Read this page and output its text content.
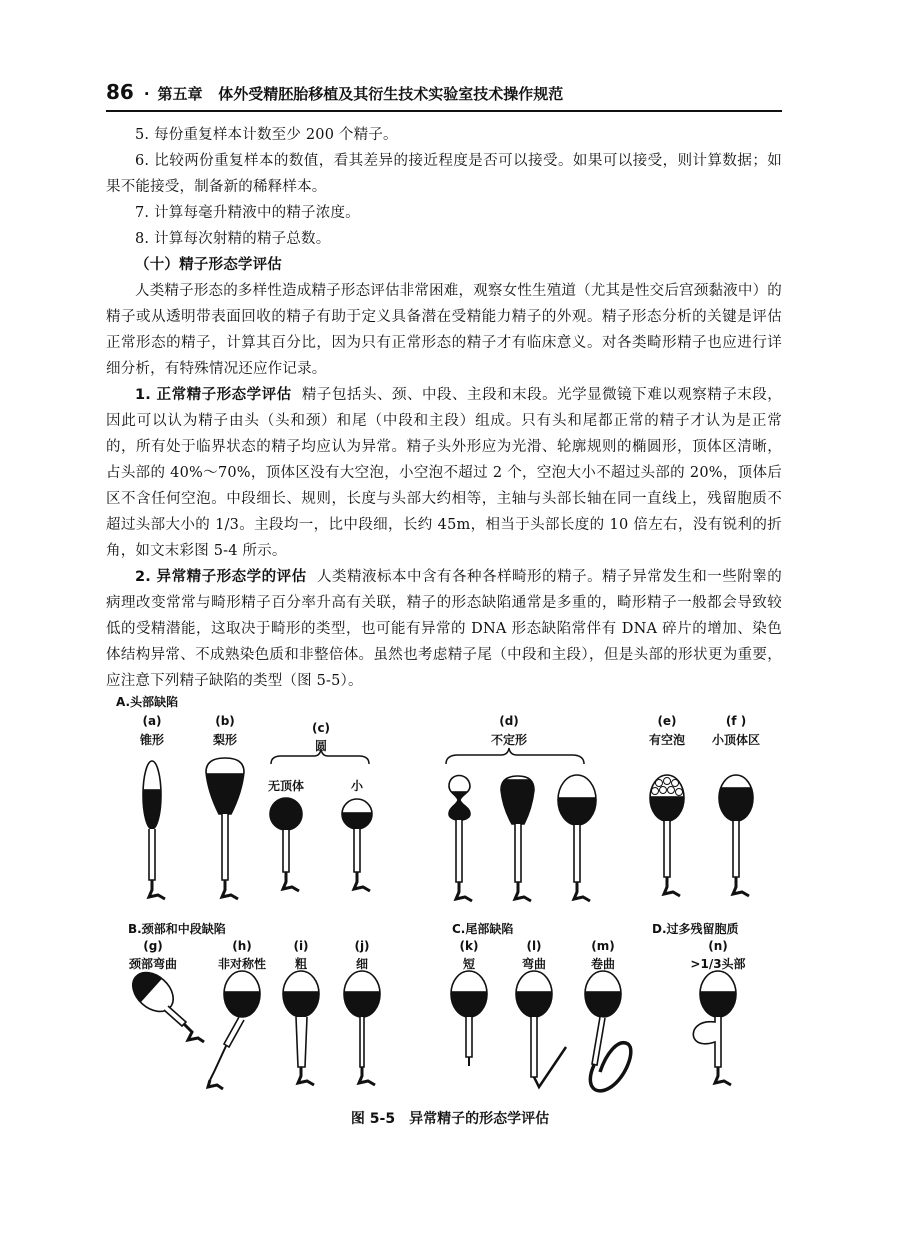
86 · 第五章 体外受精胚胎移植及其衍生技术实验室技术操作规范

5. 每份重复样本计数至少 200 个精子。

6. 比较两份重复样本的数值，看其差异的接近程度是否可以接受。如果可以接受，则计算数据；如果不能接受，制备新的稀释样本。

7. 计算每毫升精液中的精子浓度。

8. 计算每次射精的精子总数。

（十）精子形态学评估

人类精子形态的多样性造成精子形态评估非常困难，观察女性生殖道（尤其是性交后宫颈黏液中）的精子或从透明带表面回收的精子有助于定义具备潜在受精能力精子的外观。精子形态分析的关键是评估正常形态的精子，计算其百分比，因为只有正常形态的精子才有临床意义。对各类畸形精子也应进行详细分析，有特殊情况还应作记录。

1. 正常精子形态学评估 精子包括头、颈、中段、主段和末段。光学显微镜下难以观察精子末段，因此可以认为精子由头（头和颈）和尾（中段和主段）组成。只有头和尾都正常的精子才认为是正常的，所有处于临界状态的精子均应认为异常。精子头外形应为光滑、轮廓规则的椭圆形，顶体区清晰，占头部的 40%～70%，顶体区没有大空泡，小空泡不超过 2 个，空泡大小不超过头部的 20%，顶体后区不含任何空泡。中段细长、规则，长度与头部大约相等，主轴与头部长轴在同一直线上，残留胞质不超过头部大小的 1/3。主段均一，比中段细，长约 45m，相当于头部长度的 10 倍左右，没有锐利的折角，如文末彩图 5-4 所示。

2. 异常精子形态学的评估 人类精液标本中含有各种各样畸形的精子。精子异常发生和一些附睾的病理改变常常与畸形精子百分率升高有关联，精子的形态缺陷通常是多重的，畸形精子一般都会导致较低的受精潜能，这取决于畸形的类型，也可能有异常的 DNA 形态缺陷常伴有 DNA 碎片的增加、染色体结构异常、不成熟染色质和非整倍体。虽然也考虑精子尾（中段和主段），但是头部的形状更为重要，应注意下列精子缺陷的类型（图 5-5）。

A.头部缺陷
(a)
锥形
(b)
梨形
(c)
圆
无顶体	小
(d)
不定形
(e)
有空泡
(f )
小顶体区
B.颈部和中段缺陷	C.尾部缺陷	D.过多残留胞质
(g)
颈部弯曲
(h)
非对称性
(i)
粗
(j)
细
(k)
短
(l)
弯曲
(m)
卷曲
(n)
>1/3头部
图 5-5　异常精子的形态学评估
